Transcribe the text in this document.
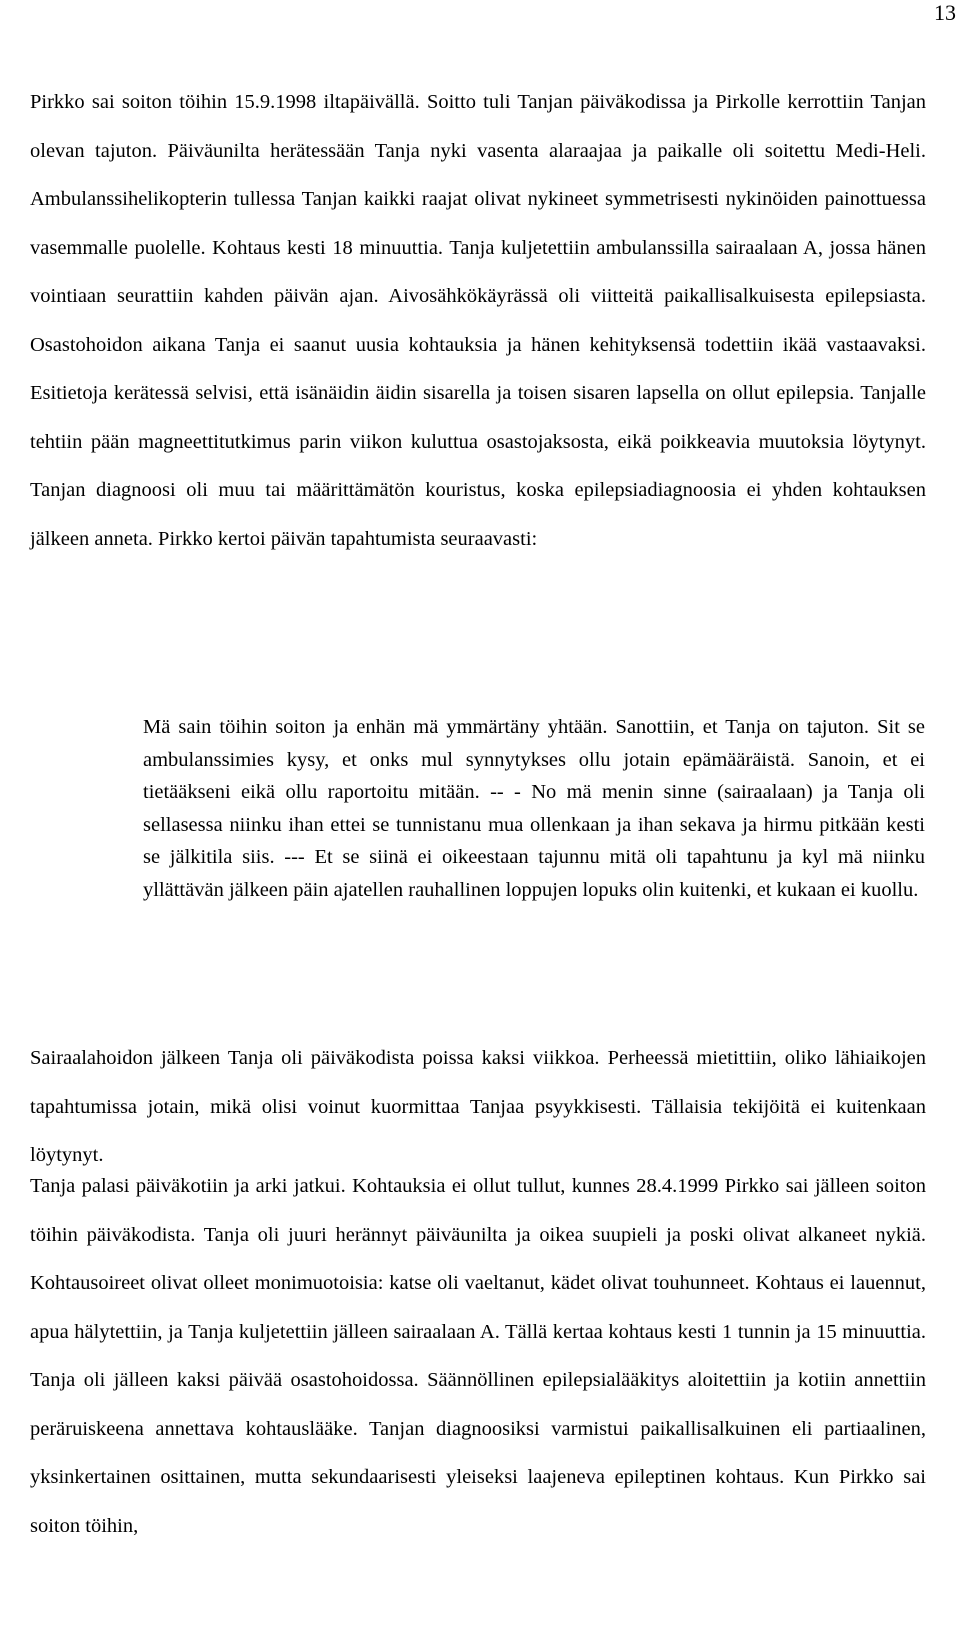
13

Pirkko sai soiton töihin 15.9.1998 iltapäivällä. Soitto tuli Tanjan päiväkodissa ja Pirkolle kerrottiin Tanjan olevan tajuton. Päiväunilta herätessään Tanja nyki vasenta alaraajaa ja paikalle oli soitettu Medi-Heli. Ambulanssihelikopterin tullessa Tanjan kaikki raajat olivat nykineet symmetrisesti nykinöiden painottuessa vasemmalle puolelle. Kohtaus kesti 18 minuuttia. Tanja kuljetettiin ambulanssilla sairaalaan A, jossa hänen vointiaan seurattiin kahden päivän ajan. Aivosähkökäyrässä oli viitteitä paikallisalkuisesta epilepsiasta. Osastohoidon aikana Tanja ei saanut uusia kohtauksia ja hänen kehityksensä todettiin ikää vastaavaksi. Esitietoja kerätessä selvisi, että isänäidin äidin sisarella ja toisen sisaren lapsella on ollut epilepsia. Tanjalle tehtiin pään magneettitutkimus parin viikon kuluttua osastojaksosta, eikä poikkeavia muutoksia löytynyt. Tanjan diagnoosi oli muu tai määrittämätön kouristus, koska epilepsiadiagnoosia ei yhden kohtauksen jälkeen anneta. Pirkko kertoi päivän tapahtumista seuraavasti:

Mä sain töihin soiton ja enhän mä ymmärtäny yhtään. Sanottiin, et Tanja on tajuton. Sit se ambulanssimies kysy, et onks mul synnytykses ollu jotain epämääräistä. Sanoin, et ei tietääkseni eikä ollu raportoitu mitään. -- - No mä menin sinne (sairaalaan) ja Tanja oli sellasessa niinku ihan ettei se tunnistanu mua ollenkaan ja ihan sekava ja hirmu pitkään kesti se jälkitila siis. --- Et se siinä ei oikeestaan tajunnu mitä oli tapahtunu ja kyl mä niinku yllättävän jälkeen päin ajatellen rauhallinen loppujen lopuks olin kuitenki, et kukaan ei kuollu.

Sairaalahoidon jälkeen Tanja oli päiväkodista poissa kaksi viikkoa. Perheessä mietittiin, oliko lähiaikojen tapahtumissa jotain, mikä olisi voinut kuormittaa Tanjaa psyykkisesti. Tällaisia tekijöitä ei kuitenkaan löytynyt.

Tanja palasi päiväkotiin ja arki jatkui. Kohtauksia ei ollut tullut, kunnes 28.4.1999 Pirkko sai jälleen soiton töihin päiväkodista. Tanja oli juuri herännyt päiväunilta ja oikea suupieli ja poski olivat alkaneet nykiä. Kohtausoireet olivat olleet monimuotoisia: katse oli vaeltanut, kädet olivat touhunneet. Kohtaus ei lauennut, apua hälytettiin, ja Tanja kuljetettiin jälleen sairaalaan A. Tällä kertaa kohtaus kesti 1 tunnin ja 15 minuuttia. Tanja oli jälleen kaksi päivää osastohoidossa. Säännöllinen epilepsialääkitys aloitettiin ja kotiin annettiin peräruiskeena annettava kohtauslääke. Tanjan diagnoosiksi varmistui paikallisalkuinen eli partiaalinen, yksinkertainen osittainen, mutta sekundaarisesti yleiseksi laajeneva epileptinen kohtaus. Kun Pirkko sai soiton töihin,
